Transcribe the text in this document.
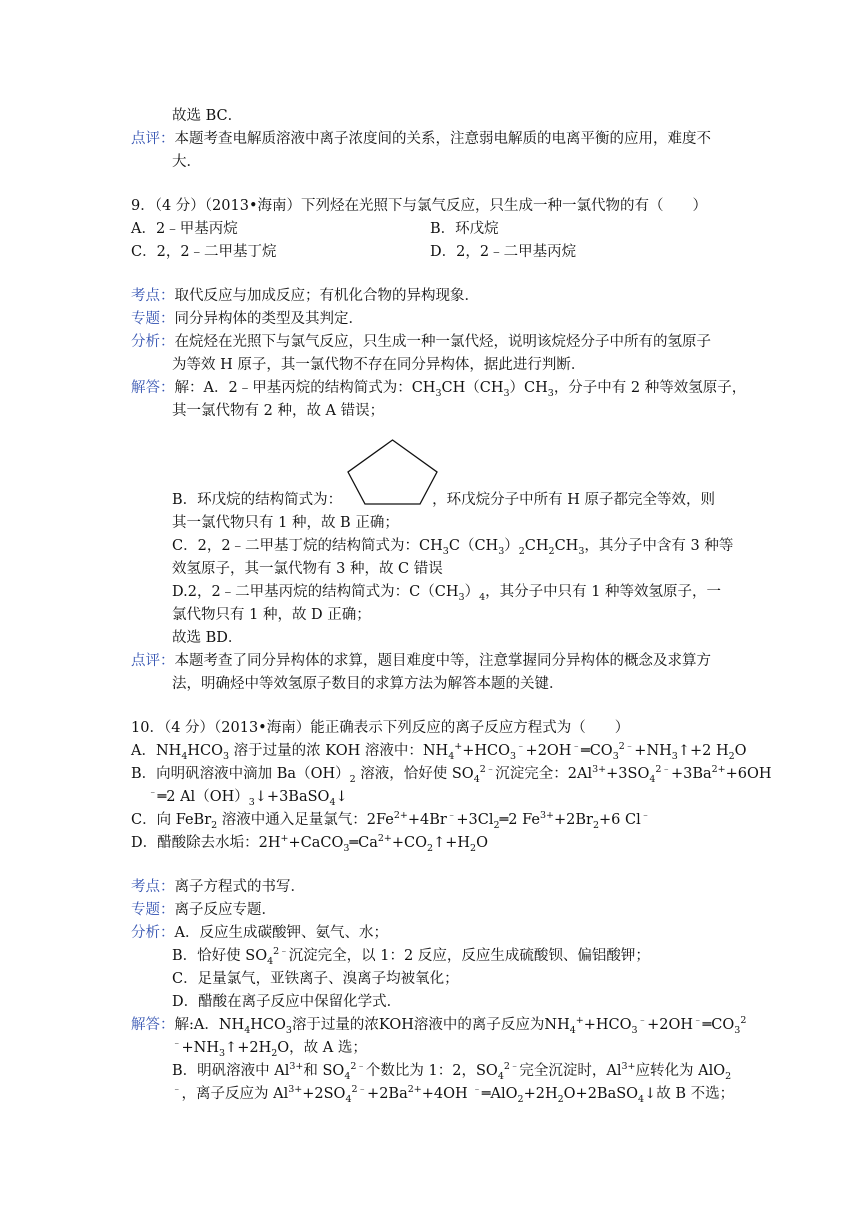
故选 BC．
点评：本题考查电解质溶液中离子浓度间的关系，注意弱电解质的电离平衡的应用，难度不
大．
9．（4 分）（2013•海南）下列烃在光照下与氯气反应，只生成一种一氯代物的有（　　）
A．2﹣甲基丙烷	B．环戊烷
C．2，2﹣二甲基丁烷	D．2，2﹣二甲基丙烷
考点：取代反应与加成反应；有机化合物的异构现象．
专题：同分异构体的类型及其判定．
分析：在烷烃在光照下与氯气反应，只生成一种一氯代烃，说明该烷烃分子中所有的氢原子
为等效 H 原子，其一氯代物不存在同分异构体，据此进行判断．
解答：解：A．2﹣甲基丙烷的结构简式为：$CH_3CH(CH_3)CH_3$，分子中有 2 种等效氢原子，
其一氯代物有 2 种，故 A 错误；
B．环戊烷的结构简式为：	，环戊烷分子中所有 H 原子都完全等效，则
其一氯代物只有 1 种，故 B 正确；
C．2，2﹣二甲基丁烷的结构简式为：$CH_3C(CH_3)_2CH_2CH_3$，其分子中含有 3 种等
效氢原子，其一氯代物有 3 种，故 C 错误
D.2，2﹣二甲基丙烷的结构简式为：$C(CH_3)_4$，其分子中只有 1 种等效氢原子，一
氯代物只有 1 种，故 D 正确；
故选 BD．
点评：本题考查了同分异构体的求算，题目难度中等，注意掌握同分异构体的概念及求算方
法，明确烃中等效氢原子数目的求算方法为解答本题的关键．
10．（4 分）（2013•海南）能正确表示下列反应的离子反应方程式为（　　）
A．$NH_4HCO_3$ 溶于过量的浓 KOH 溶液中：$NH_4^++HCO_3^﹣+2OH^﹣═CO_3^{2﹣}+NH_3↑+2$ $H_2O$
B．向明矾溶液中滴加 $Ba(OH)_2$ 溶液，恰好使 $SO_4^{2﹣}$沉淀完全：$2Al^{3+}+3SO_4^{2﹣}+3Ba^{2+}+6OH$
﹣═2 $Al(OH)_3↓+3BaSO_4↓$
C．向 FeBr$_2$ 溶液中通入足量氯气：$2Fe^{2+}+4Br^﹣+3Cl_2═2$ $Fe^{3+}+2Br_2+6$ Cl﹣
D．醋酸除去水垢：$2H^++CaCO_3═Ca^{2+}+CO_2↑+H_2O$
考点：离子方程式的书写．
专题：离子反应专题．
分析：A．反应生成碳酸钾、氨气、水；
B．恰好使 $SO_4^{2﹣}$沉淀完全，以 1：2 反应，反应生成硫酸钡、偏铝酸钾；
C．足量氯气，亚铁离子、溴离子均被氧化；
D．醋酸在离子反应中保留化学式．
解答：解:A．$NH_4HCO_3$溶于过量的浓KOH溶液中的离子反应为$NH_4^++HCO_3^﹣+2OH^﹣═CO_3^2$
$^﹣+NH_3↑+2H_2O$，故 A 选；
B．明矾溶液中 $Al^{3+}$和 $SO_4^{2﹣}$个数比为 1：2，$SO_4^{2﹣}$完全沉淀时，$Al^{3+}$应转化为 AlO$_2$
﹣，离子反应为 $Al^{3+}+2SO_4^{2﹣}+2Ba^{2+}+4OH$ $^﹣═AlO_2+2H_2O+2BaSO_4↓$故 B 不选；
